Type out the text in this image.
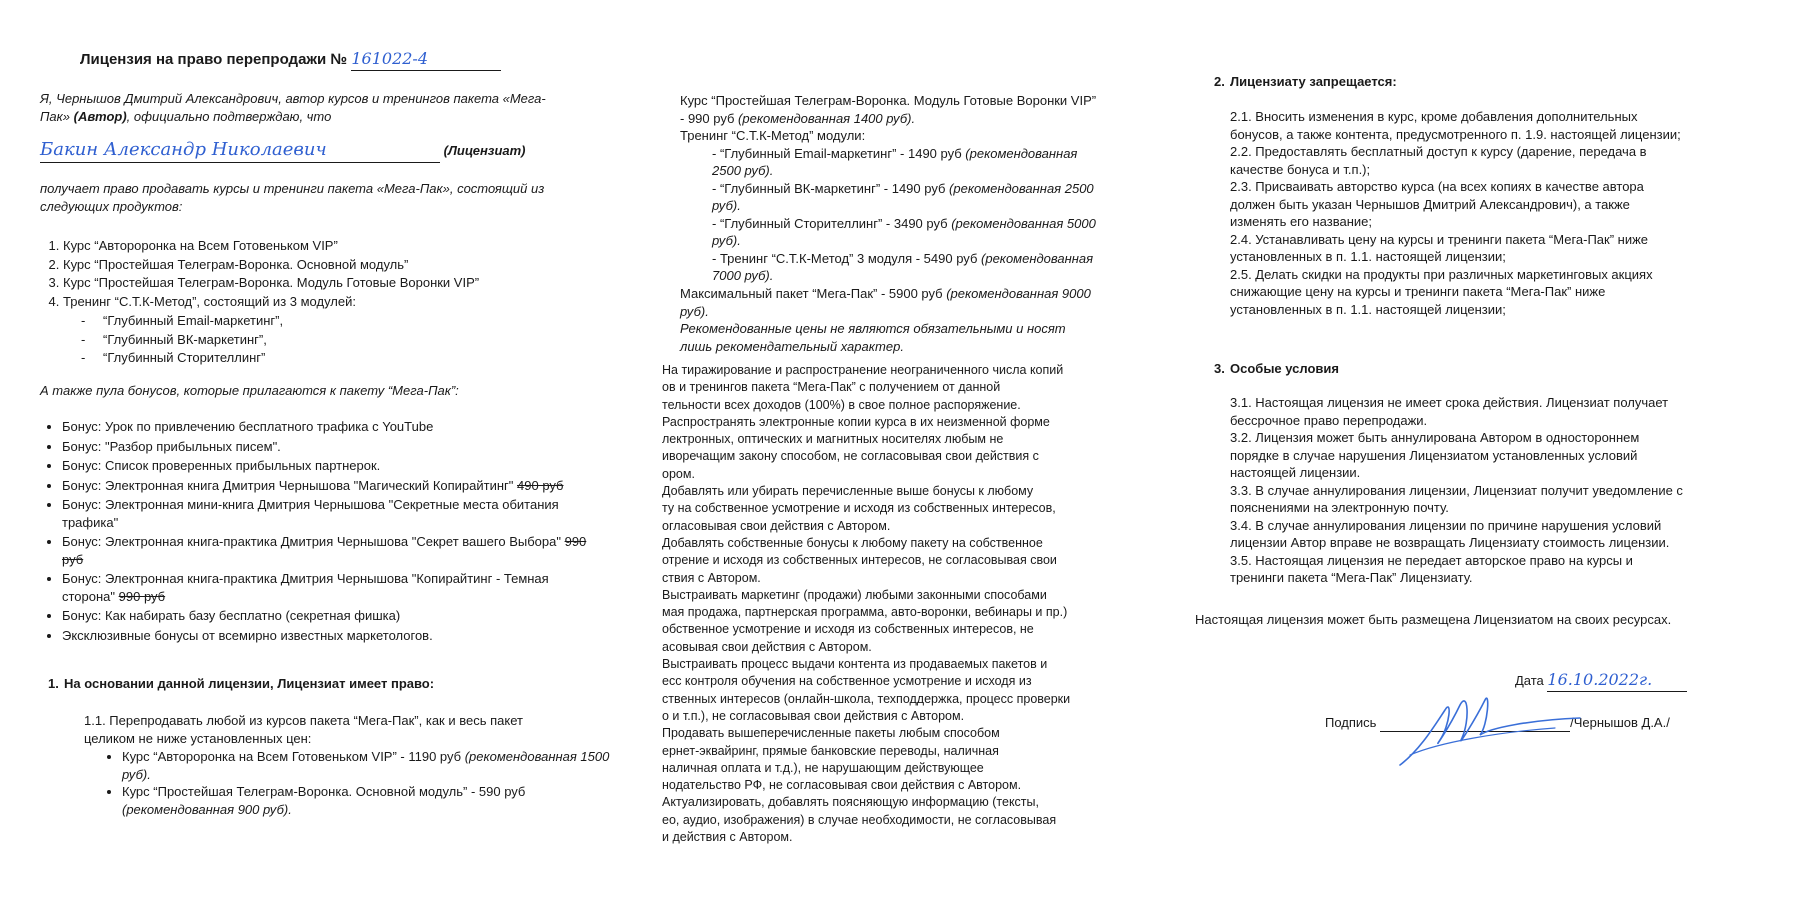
Лицензия на право перепродажи № 161022-4

Я, Чернышов Дмитрий Александрович, автор курсов и тренингов пакета «Мега-Пак» (Автор), официально подтверждаю, что

Бакин Александр Николаевич	(Лицензиат)

получает право продавать курсы и тренинги пакета «Мега-Пак», состоящий из следующих продуктов:

1. Курс “Автороронка на Всем Готовеньком VIP”
2. Курс “Простейшая Телеграм-Воронка. Основной модуль”
3. Курс “Простейшая Телеграм-Воронка. Модуль Готовые Воронки VIP”
4. Тренинг “С.Т.К-Метод”, состоящий из 3 модулей:
- “Глубинный Email-маркетинг”,
- “Глубинный ВК-маркетинг”,
- “Глубинный Сторителлинг”

А также пула бонусов, которые прилагаются к пакету “Мега-Пак”:

• Бонус: Урок по привлечению бесплатного трафика с YouTube
• Бонус: "Разбор прибыльных писем".
• Бонус: Список проверенных прибыльных партнерок.
• Бонус: Электронная книга Дмитрия Чернышова "Магический Копирайтинг" 490 руб
• Бонус: Электронная мини-книга Дмитрия Чернышова "Секретные места обитания трафика"
• Бонус: Электронная книга-практика Дмитрия Чернышова "Секрет вашего Выбора" 990 руб
• Бонус: Электронная книга-практика Дмитрия Чернышова "Копирайтинг - Темная сторона" 990 руб
• Бонус: Как набирать базу бесплатно (секретная фишка)
• Эксклюзивные бонусы от всемирно известных маркетологов.
1. На основании данной лицензии, Лицензиат имеет право:

1.1. Перепродавать любой из курсов пакета “Мега-Пак”, как и весь пакет целиком не ниже установленных цен:

• Курс “Автороронка на Всем Готовеньком VIP” - 1190 руб (рекомендованная 1500 руб).
• Курс “Простейшая Телеграм-Воронка. Основной модуль” - 590 руб (рекомендованная 900 руб).

Курс “Простейшая Телеграм-Воронка. Модуль Готовые Воронки VIP” - 990 руб (рекомендованная 1400 руб).

Тренинг “С.Т.К-Метод” модули:

- “Глубинный Email-маркетинг” - 1490 руб (рекомендованная 2500 руб).

- “Глубинный ВК-маркетинг” - 1490 руб (рекомендованная 2500 руб).

- “Глубинный Сторителлинг” - 3490 руб (рекомендованная 5000 руб).

- Тренинг “С.Т.К-Метод” 3 модуля - 5490 руб (рекомендованная 7000 руб).

Максимальный пакет “Мега-Пак” - 5900 руб (рекомендованная 9000 руб).

Рекомендованные цены не являются обязательными и носят лишь рекомендательный характер.

На тиражирование и распространение неограниченного числа копий
ов и тренингов пакета “Мега-Пак” с получением от данной
тельности всех доходов (100%) в свое полное распоряжение.
Распространять электронные копии курса в их неизменной форме
лектронных, оптических и магнитных носителях любым не
иворечащим закону способом, не согласовывая свои действия с
ором.
Добавлять или убирать перечисленные выше бонусы к любому
ту на собственное усмотрение и исходя из собственных интересов,
огласовывая свои действия с Автором.
Добавлять собственные бонусы к любому пакету на собственное
отрение и исходя из собственных интересов, не согласовывая свои
ствия с Автором.
Выстраивать маркетинг (продажи) любыми законными способами
мая продажа, партнерская программа, авто-воронки, вебинары и пр.)
обственное усмотрение и исходя из собственных интересов, не
асовывая свои действия с Автором.
Выстраивать процесс выдачи контента из продаваемых пакетов и
есс контроля обучения на собственное усмотрение и исходя из
ственных интересов (онлайн-школа, техподдержка, процесс проверки
о и т.п.), не согласовывая свои действия с Автором.
Продавать вышеперечисленные пакеты любым способом
ернет-эквайринг, прямые банковские переводы, наличная
наличная оплата и т.д.), не нарушающим действующее
нодательство РФ, не согласовывая свои действия с Автором.
Актуализировать, добавлять поясняющую информацию (тексты,
ео, аудио, изображения) в случае необходимости, не согласовывая
и действия с Автором.
2. Лицензиату запрещается:

2.1. Вносить изменения в курс, кроме добавления дополнительных бонусов, а также контента, предусмотренного п. 1.9. настоящей лицензии;

2.2. Предоставлять бесплатный доступ к курсу (дарение, передача в качестве бонуса и т.п.);

2.3. Присваивать авторство курса (на всех копиях в качестве автора должен быть указан Чернышов Дмитрий Александрович), а также изменять его название;

2.4. Устанавливать цену на курсы и тренинги пакета “Мега-Пак” ниже установленных в п. 1.1. настоящей лицензии;

2.5. Делать скидки на продукты при различных маркетинговых акциях снижающие цену на курсы и тренинги пакета “Мега-Пак” ниже установленных в п. 1.1. настоящей лицензии;

3. Особые условия

3.1. Настоящая лицензия не имеет срока действия. Лицензиат получает бессрочное право перепродажи.

3.2. Лицензия может быть аннулирована Автором в одностороннем порядке в случае нарушения Лицензиатом установленных условий настоящей лицензии.

3.3. В случае аннулирования лицензии, Лицензиат получит уведомление с пояснениями на электронную почту.

3.4. В случае аннулирования лицензии по причине нарушения условий лицензии Автор вправе не возвращать Лицензиату стоимость лицензии.

3.5. Настоящая лицензия не передает авторское право на курсы и тренинги пакета “Мега-Пак” Лицензиату.

Настоящая лицензия может быть размещена Лицензиатом на своих ресурсах.

Дата 16.10.2022г.
Подпись	/Чернышов Д.А./
